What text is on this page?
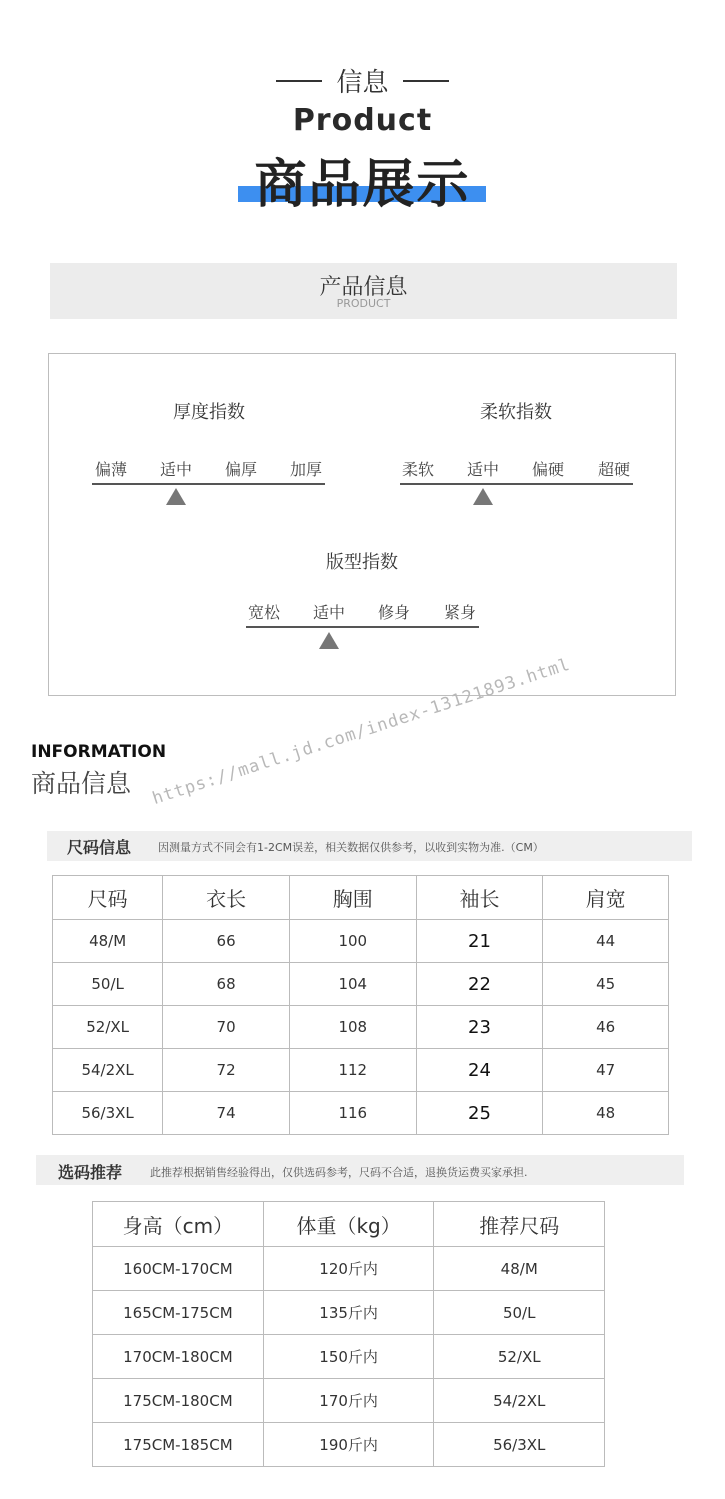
信息
Product
商品展示
产品信息
PRODUCT
厚度指数
偏薄	适中	偏厚	加厚
柔软指数
柔软	适中	偏硬	超硬
版型指数
宽松	适中	修身	紧身
INFORMATION
商品信息 https://mall.jd.com/index-13121893.html
尺码信息 因测量方式不同会有1-2CM误差，相关数据仅供参考，以收到实物为准.（CM）
尺码	衣长	胸围	袖长	肩宽
48/M	66	100	21	44
50/L	68	104	22	45
52/XL	70	108	23	46
54/2XL	72	112	24	47
56/3XL	74	116	25	48
选码推荐	此推荐根据销售经验得出，仅供选码参考，尺码不合适，退换货运费买家承担.
身高（cm）	体重（kg）	推荐尺码
160CM-170CM	120斤内	48/M
165CM-175CM	135斤内	50/L
170CM-180CM	150斤内	52/XL
175CM-180CM	170斤内	54/2XL
175CM-185CM	190斤内	56/3XL
